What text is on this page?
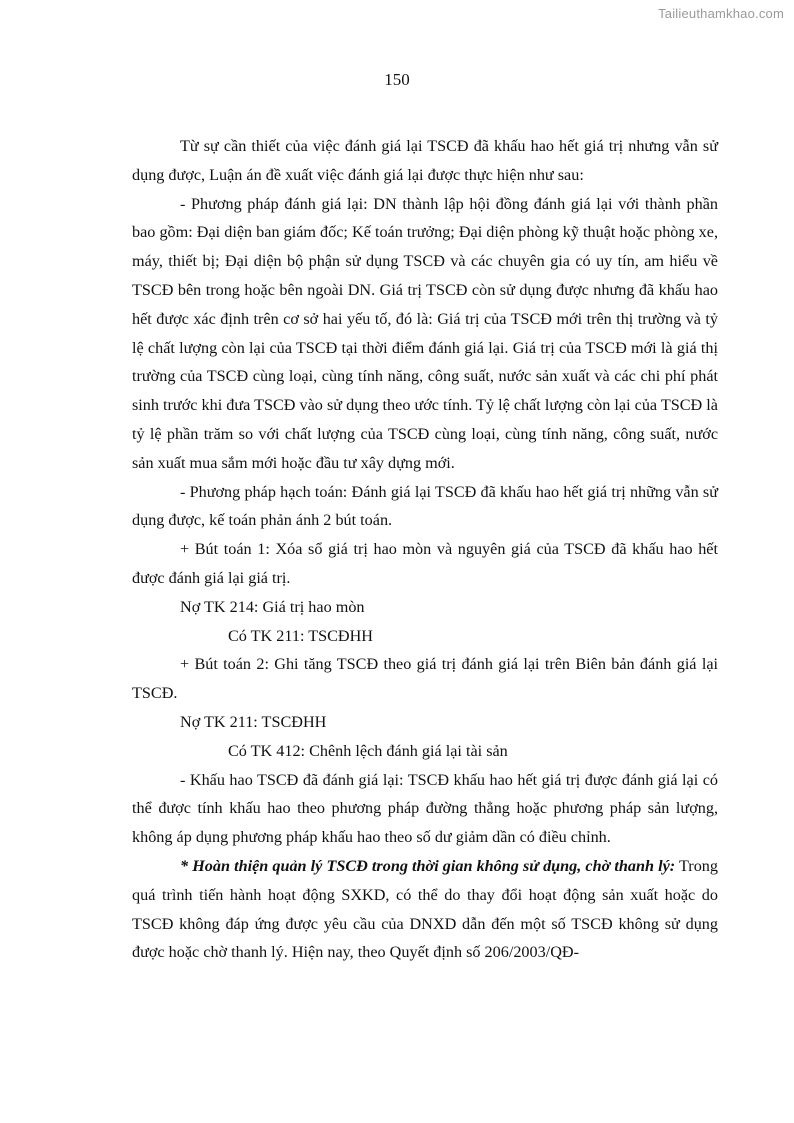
Tailieuthamkhao.com
150

Từ sự cần thiết của việc đánh giá lại TSCĐ đã khấu hao hết giá trị nhưng vẫn sử dụng được, Luận án đề xuất việc đánh giá lại được thực hiện như sau:

- Phương pháp đánh giá lại: DN thành lập hội đồng đánh giá lại với thành phần bao gồm: Đại diện ban giám đốc; Kế toán trưởng; Đại diện phòng kỹ thuật hoặc phòng xe, máy, thiết bị; Đại diện bộ phận sử dụng TSCĐ và các chuyên gia có uy tín, am hiểu về TSCĐ bên trong hoặc bên ngoài DN. Giá trị TSCĐ còn sử dụng được nhưng đã khấu hao hết được xác định trên cơ sở hai yếu tố, đó là: Giá trị của TSCĐ mới trên thị trường và tỷ lệ chất lượng còn lại của TSCĐ tại thời điểm đánh giá lại. Giá trị của TSCĐ mới là giá thị trường của TSCĐ cùng loại, cùng tính năng, công suất, nước sản xuất và các chi phí phát sinh trước khi đưa TSCĐ vào sử dụng theo ước tính. Tỷ lệ chất lượng còn lại của TSCĐ là tỷ lệ phần trăm so với chất lượng của TSCĐ cùng loại, cùng tính năng, công suất, nước sản xuất mua sắm mới hoặc đầu tư xây dựng mới.

- Phương pháp hạch toán: Đánh giá lại TSCĐ đã khấu hao hết giá trị những vẫn sử dụng được, kế toán phản ánh 2 bút toán.

+ Bút toán 1: Xóa sổ giá trị hao mòn và nguyên giá của TSCĐ đã khấu hao hết được đánh giá lại giá trị.

Nợ TK 214: Giá trị hao mòn

Có TK 211: TSCĐHH

+ Bút toán 2: Ghi tăng TSCĐ theo giá trị đánh giá lại trên Biên bản đánh giá lại TSCĐ.

Nợ TK 211: TSCĐHH

Có TK 412: Chênh lệch đánh giá lại tài sản

- Khấu hao TSCĐ đã đánh giá lại: TSCĐ khấu hao hết giá trị được đánh giá lại có thể được tính khấu hao theo phương pháp đường thẳng hoặc phương pháp sản lượng, không áp dụng phương pháp khấu hao theo số dư giảm dần có điều chỉnh.

* Hoàn thiện quản lý TSCĐ trong thời gian không sử dụng, chờ thanh lý: Trong quá trình tiến hành hoạt động SXKD, có thể do thay đổi hoạt động sản xuất hoặc do TSCĐ không đáp ứng được yêu cầu của DNXD dẫn đến một số TSCĐ không sử dụng được hoặc chờ thanh lý. Hiện nay, theo Quyết định số 206/2003/QĐ-
